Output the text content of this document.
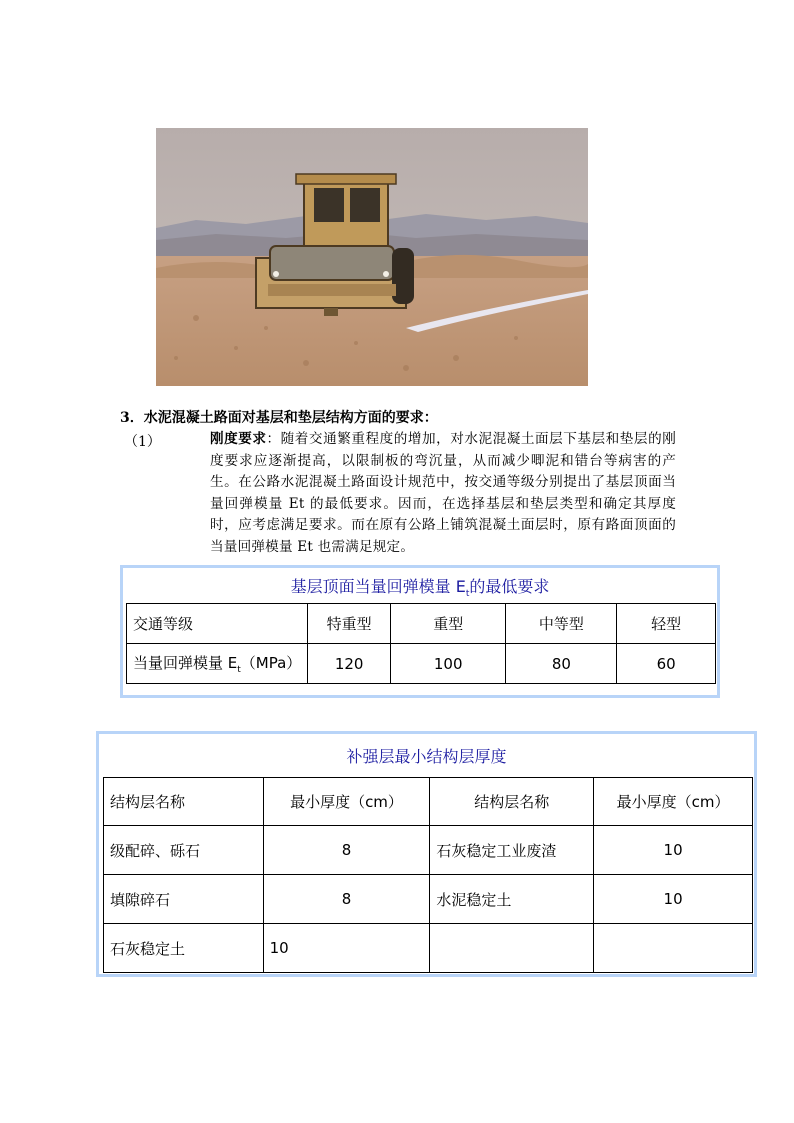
3．水泥混凝土路面对基层和垫层结构方面的要求：
（1）	刚度要求：随着交通繁重程度的增加，对水泥混凝土面层下基层和垫层的刚度要求应逐渐提高，以限制板的弯沉量，从而减少唧泥和错台等病害的产生。在公路水泥混凝土路面设计规范中，按交通等级分别提出了基层顶面当量回弹模量 Et 的最低要求。因而，在选择基层和垫层类型和确定其厚度时，应考虑满足要求。而在原有公路上铺筑混凝土面层时，原有路面顶面的当量回弹模量 Et 也需满足规定。
基层顶面当量回弹模量 $E_t$的最低要求
交通等级	特重型	重型	中等型	轻型
当量回弹模量 $E_t(MPa)$	120	100	80	60
补强层最小结构层厚度
结构层名称	最小厚度（cm）	结构层名称	最小厚度（cm）
级配碎、砾石	8	石灰稳定工业废渣	10
填隙碎石	8	水泥稳定土	10
石灰稳定土	10		
